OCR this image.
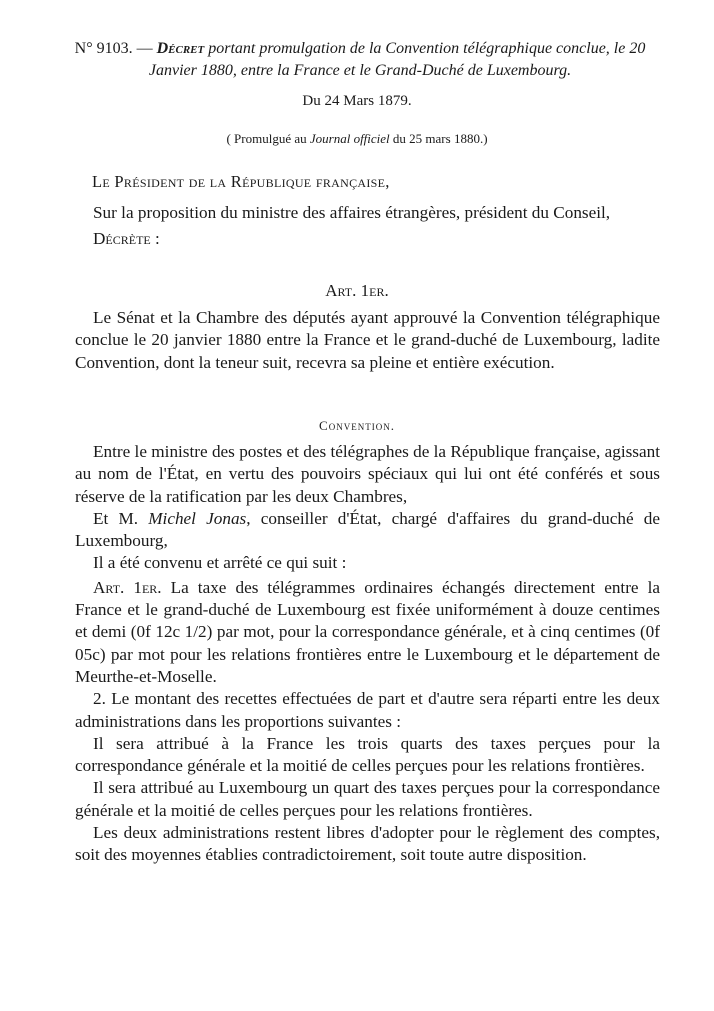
N° 9103. — Décret portant promulgation de la Convention télégraphique conclue, le 20 Janvier 1880, entre la France et le Grand-Duché de Luxembourg.
Du 24 Mars 1879.
( Promulgué au Journal officiel du 25 mars 1880.)
Le Président de la République française,

Sur la proposition du ministre des affaires étrangères, président du Conseil,

Décrète :

Art. 1er.

Le Sénat et la Chambre des députés ayant approuvé la Convention télégraphique conclue le 20 janvier 1880 entre la France et le grand-duché de Luxembourg, ladite Convention, dont la teneur suit, recevra sa pleine et entière exécution.

Convention.

Entre le ministre des postes et des télégraphes de la République française, agissant au nom de l'État, en vertu des pouvoirs spéciaux qui lui ont été conférés et sous réserve de la ratification par les deux Chambres,

Et M. Michel Jonas, conseiller d'État, chargé d'affaires du grand-duché de Luxembourg,

Il a été convenu et arrêté ce qui suit :

Art. 1er. La taxe des télégrammes ordinaires échangés directement entre la France et le grand-duché de Luxembourg est fixée uniformément à douze centimes et demi (0f 12c 1/2) par mot, pour la correspondance générale, et à cinq centimes (0f 05c) par mot pour les relations frontières entre le Luxembourg et le département de Meurthe-et-Moselle.

2. Le montant des recettes effectuées de part et d'autre sera réparti entre les deux administrations dans les proportions suivantes :

Il sera attribué à la France les trois quarts des taxes perçues pour la correspondance générale et la moitié de celles perçues pour les relations frontières.

Il sera attribué au Luxembourg un quart des taxes perçues pour la correspondance générale et la moitié de celles perçues pour les relations frontières.

Les deux administrations restent libres d'adopter pour le règlement des comptes, soit des moyennes établies contradictoirement, soit toute autre disposition.
